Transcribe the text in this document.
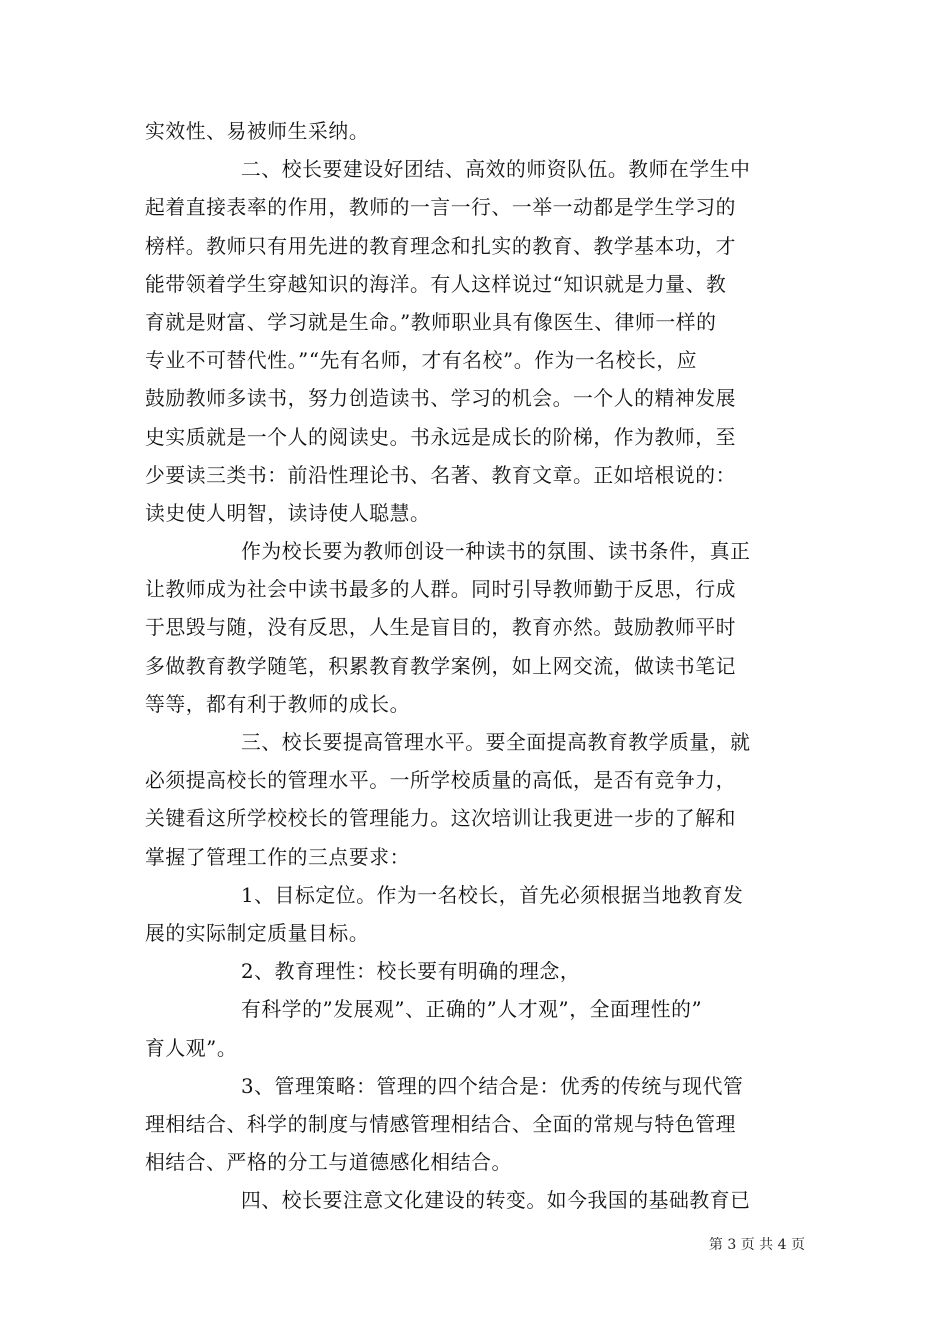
实效性、易被师生采纳。
二、校长要建设好团结、高效的师资队伍。教师在学生中
起着直接表率的作用，教师的一言一行、一举一动都是学生学习的
榜样。教师只有用先进的教育理念和扎实的教育、教学基本功，才
能带领着学生穿越知识的海洋。有人这样说过“知识就是力量、教
育就是财富、学习就是生命。”教师职业具有像医生、律师一样的
专业不可替代性。”“先有名师，才有名校”。作为一名校长，应
鼓励教师多读书，努力创造读书、学习的机会。一个人的精神发展
史实质就是一个人的阅读史。书永远是成长的阶梯，作为教师，至
少要读三类书：前沿性理论书、名著、教育文章。正如培根说的：
读史使人明智，读诗使人聪慧。
作为校长要为教师创设一种读书的氛围、读书条件，真正
让教师成为社会中读书最多的人群。同时引导教师勤于反思，行成
于思毁与随，没有反思，人生是盲目的，教育亦然。鼓励教师平时
多做教育教学随笔，积累教育教学案例，如上网交流，做读书笔记
等等，都有利于教师的成长。
三、校长要提高管理水平。要全面提高教育教学质量，就
必须提高校长的管理水平。一所学校质量的高低，是否有竞争力，
关键看这所学校校长的管理能力。这次培训让我更进一步的了解和
掌握了管理工作的三点要求：
1、目标定位。作为一名校长，首先必须根据当地教育发
展的实际制定质量目标。
2、教育理性：校长要有明确的理念，
有科学的”发展观”、正确的”人才观”，全面理性的”
育人观”。
3、管理策略：管理的四个结合是：优秀的传统与现代管
理相结合、科学的制度与情感管理相结合、全面的常规与特色管理
相结合、严格的分工与道德感化相结合。
四、校长要注意文化建设的转变。如今我国的基础教育已
第 3 页 共 4 页
